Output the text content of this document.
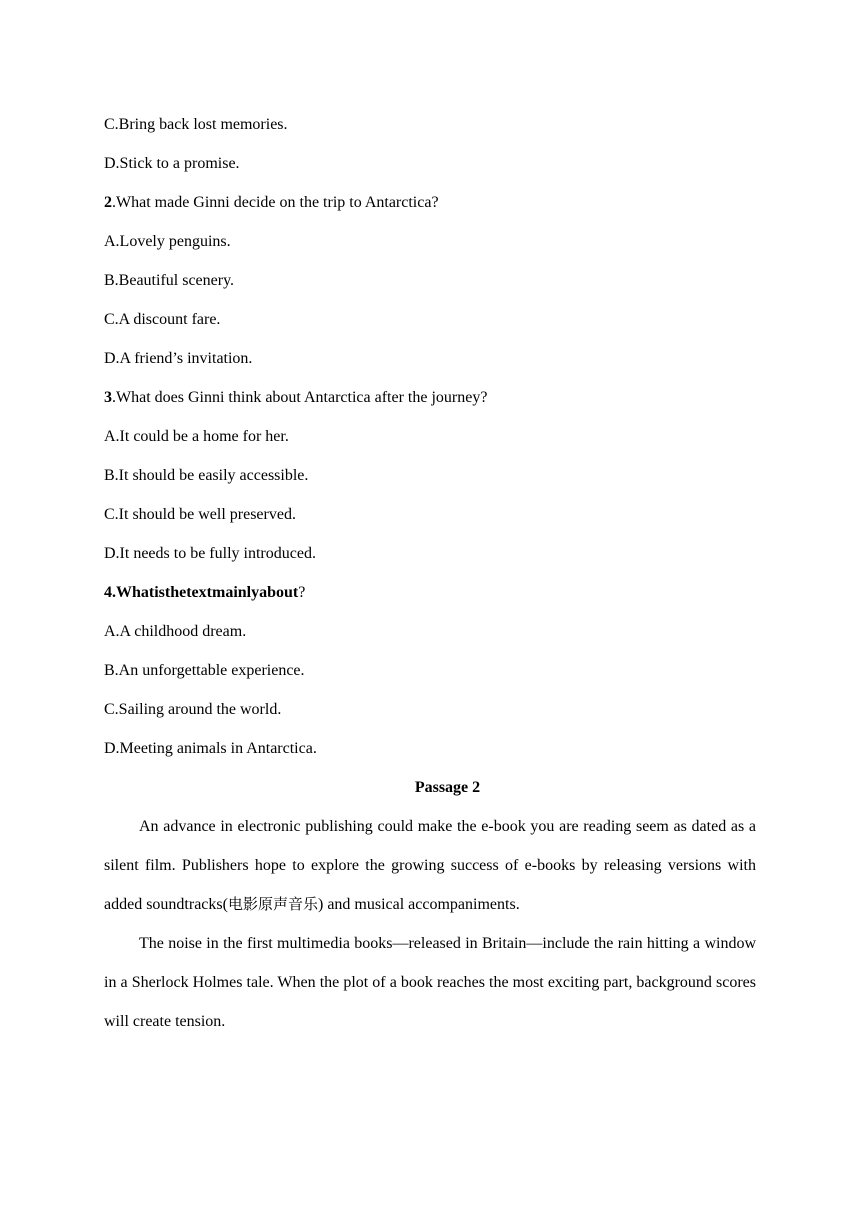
C.Bring back lost memories.
D.Stick to a promise.
2.What made Ginni decide on the trip to Antarctica?
A.Lovely penguins.
B.Beautiful scenery.
C.A discount fare.
D.A friend’s invitation.
3.What does Ginni think about Antarctica after the journey?
A.It could be a home for her.
B.It should be easily accessible.
C.It should be well preserved.
D.It needs to be fully introduced.
4.Whatisthetextmainlyabout?
A.A childhood dream.
B.An unforgettable experience.
C.Sailing around the world.
D.Meeting animals in Antarctica.
Passage 2

An advance in electronic publishing could make the e-book you are reading seem as dated as a silent film. Publishers hope to explore the growing success of e-books by releasing versions with added soundtracks(电影原声音乐) and musical accompaniments.

The noise in the first multimedia books—released in Britain—include the rain hitting a window in a Sherlock Holmes tale. When the plot of a book reaches the most exciting part, background scores will create tension.
